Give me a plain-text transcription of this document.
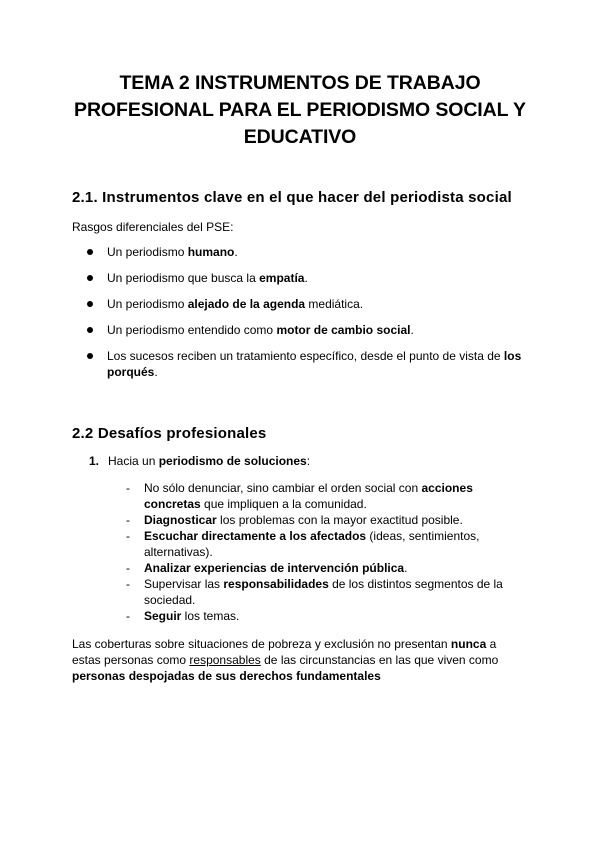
TEMA 2 INSTRUMENTOS DE TRABAJO PROFESIONAL PARA EL PERIODISMO SOCIAL Y EDUCATIVO
2.1. Instrumentos clave en el que hacer del periodista social

Rasgos diferenciales del PSE:

Un periodismo humano.
Un periodismo que busca la empatía.
Un periodismo alejado de la agenda mediática.
Un periodismo entendido como motor de cambio social.
Los sucesos reciben un tratamiento específico, desde el punto de vista de los porqués.
2.2 Desafíos profesionales
1. Hacia un periodismo de soluciones:
- No sólo denunciar, sino cambiar el orden social con acciones concretas que impliquen a la comunidad.
- Diagnosticar los problemas con la mayor exactitud posible.
- Escuchar directamente a los afectados (ideas, sentimientos, alternativas).
- Analizar experiencias de intervención pública.
- Supervisar las responsabilidades de los distintos segmentos de la sociedad.
- Seguir los temas.

Las coberturas sobre situaciones de pobreza y exclusión no presentan nunca a estas personas como responsables de las circunstancias en las que viven como personas despojadas de sus derechos fundamentales
